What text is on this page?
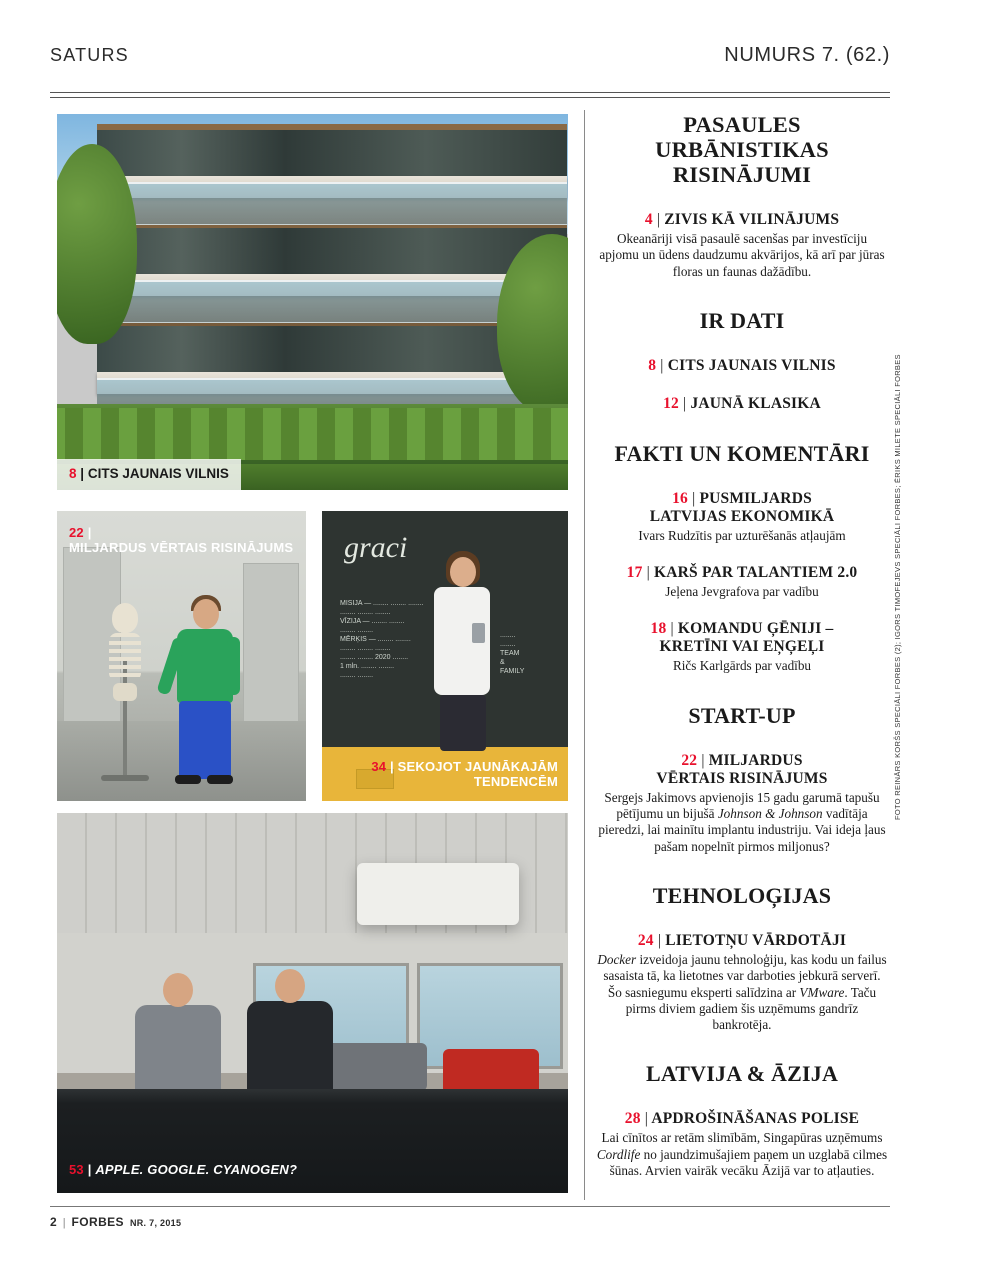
SATURS	NUMURS 7. (62.)
2 | FORBES NR. 7, 2015
FOTO REINĀRS KORŠS SPECIĀLI FORBES (2); IGORS TIMOFEJEVS SPECIĀLI FORBES; ĒRIKS MILETE SPECIĀLI FORBES
8 | CITS JAUNAIS VILNIS
22 |
MILJARDUS VĒRTAIS RISINĀJUMS graci
MISIJA — ........ ........ ........
........ ........ ........
VĪZIJA — ........ ........
........ ........
MĒRĶIS — ........ ........
........ ........ ........
........ ........ 2020 ........
1 mln. ........ ........
........ ........
........
........
TEAM
&
FAMILY
34 | SEKOJOT JAUNĀKAJĀM TENDENCĒM
53 | APPLE. GOOGLE. CYANOGEN?
PASAULES URBĀNISTIKAS
RISINĀJUMI
4 | ZIVIS KĀ VILINĀJUMS
Okeanāriji visā pasaulē sacenšas par investīciju apjomu un ūdens daudzumu akvārijos, kā arī par jūras floras un faunas dažādību.
IR DATI
8 | CITS JAUNAIS VILNIS
12 | JAUNĀ KLASIKA
FAKTI UN KOMENTĀRI
16 | PUSMILJARDS
LATVIJAS EKONOMIKĀ
Ivars Rudzītis par uzturēšanās atļaujām
17 | KARŠ PAR TALANTIEM 2.0
Jeļena Jevgrafova par vadību
18 | KOMANDU ĢĒNIJI –
KRETĪNI VAI EŅĢEĻI
Ričs Karlgārds par vadību
START-UP
22 | MILJARDUS
VĒRTAIS RISINĀJUMS
Sergejs Jakimovs apvienojis 15 gadu garumā tapušu pētījumu un bijušā Johnson & Johnson vadītāja pieredzi, lai mainītu implantu industriju. Vai ideja ļaus pašam nopelnīt pirmos miljonus?
TEHNOLOĢIJAS
24 | LIETOTŅU VĀRDOTĀJI
Docker izveidoja jaunu tehnoloģiju, kas kodu un failus sasaista tā, ka lietotnes var darboties jebkurā serverī. Šo sasniegumu eksperti salīdzina ar VMware. Taču pirms diviem gadiem šis uzņēmums gandrīz bankrotēja.
LATVIJA & ĀZIJA
28 | APDROŠINĀŠANAS POLISE
Lai cīnītos ar retām slimībām, Singapūras uzņēmums Cordlife no jaundzimušajiem paņem un uzglabā cilmes šūnas. Arvien vairāk vecāku Āzijā var to atļauties.
